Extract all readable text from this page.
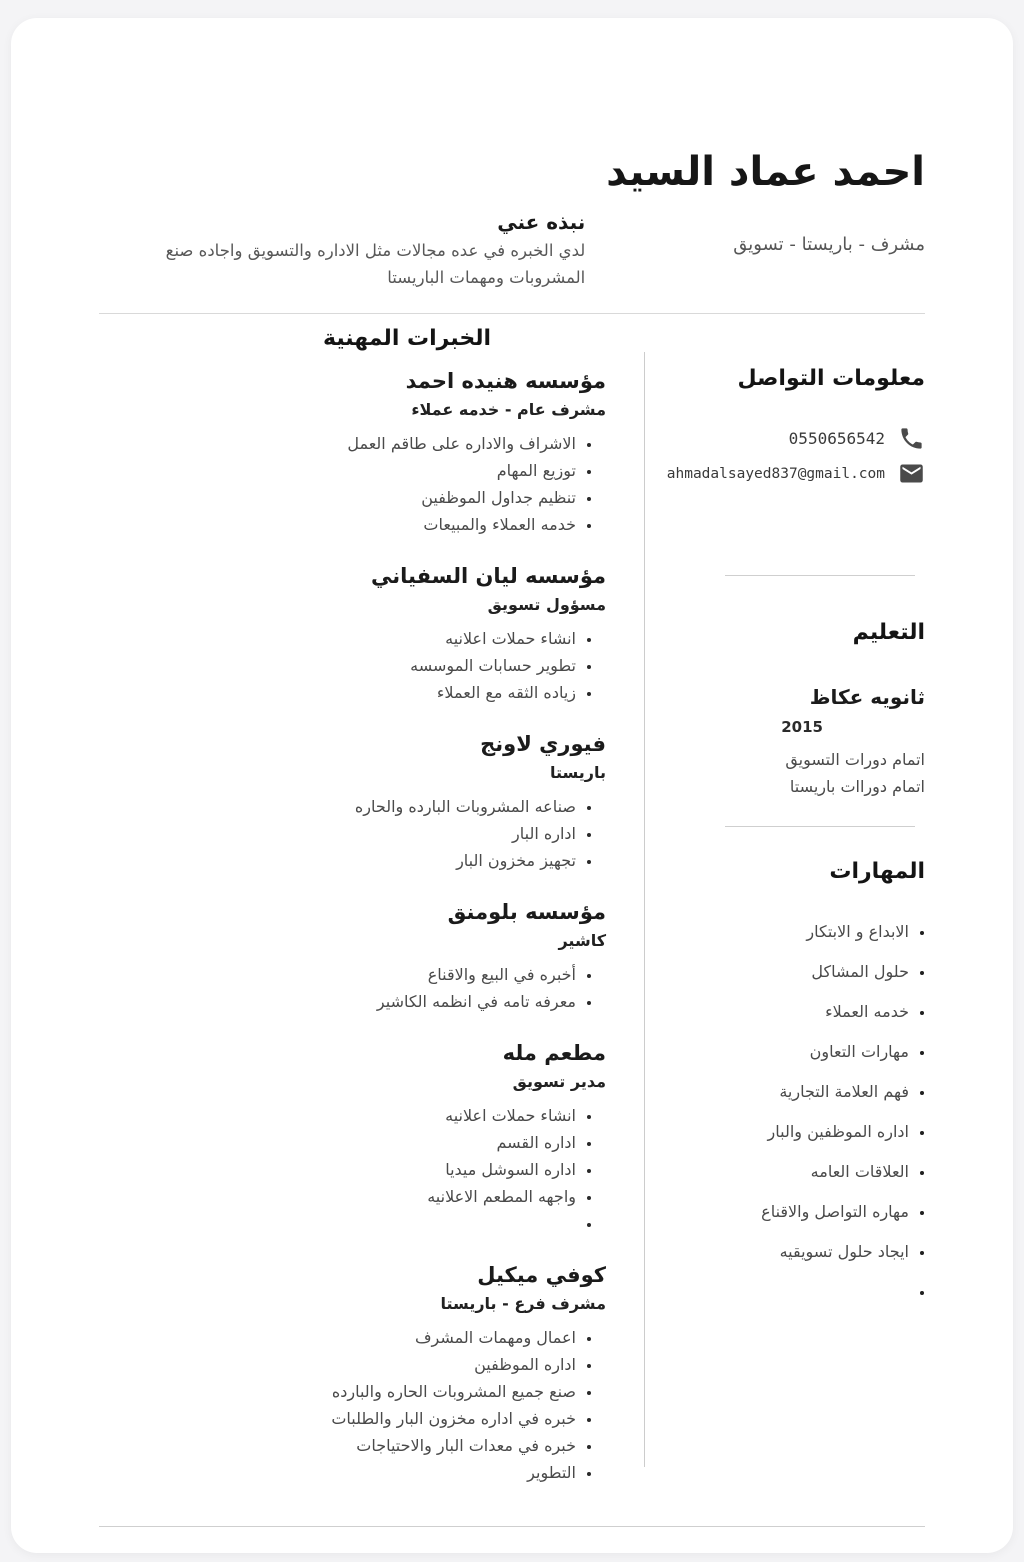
احمد عماد السيد
مشرف - باريستا - تسويق
نبذه عني

لدي الخبره في عده مجالات مثل الاداره والتسويق واجاده صنع المشروبات ومهمات الباريستا

معلومات التواصل
0550656542
ahmadalsayed837@gmail.com
التعليم
ثانويه عكاظ
2015
اتمام دورات التسويق
اتمام دوراات باريستا
المهارات
• الابداع و الابتكار
• حلول المشاكل
• خدمه العملاء
• مهارات التعاون
• فهم العلامة التجارية
• اداره الموظفين والبار
• العلاقات العامه
• مهاره التواصل والاقناع
• ايجاد حلول تسويقيه
•
الخبرات المهنية
مؤسسه هنيده احمد
مشرف عام - خدمه عملاء
• الاشراف والاداره على طاقم العمل
• توزيع المهام
• تنظيم جداول الموظفين
• خدمه العملاء والمبيعات
مؤسسه ليان السفياني
مسؤول تسويق
• انشاء حملات اعلانيه
• تطوير حسابات الموسسه
• زياده الثقه مع العملاء
فيوري لاونج
باريستا
• صناعه المشروبات البارده والحاره
• اداره البار
• تجهيز مخزون البار
مؤسسه بلومنق
كاشير
• أخبره في البيع والاقناع
• معرفه تامه في انظمه الكاشير
مطعم مله
مدير تسويق
• انشاء حملات اعلانيه
• اداره القسم
• اداره السوشل ميديا
• واجهه المطعم الاعلانيه
•
كوفي ميكيل
مشرف فرع - باريستا
• اعمال ومهمات المشرف
• اداره الموظفين
• صنع جميع المشروبات الحاره والبارده
• خبره في اداره مخزون البار والطلبات
• خبره في معدات البار والاحتياجات
• التطوير
